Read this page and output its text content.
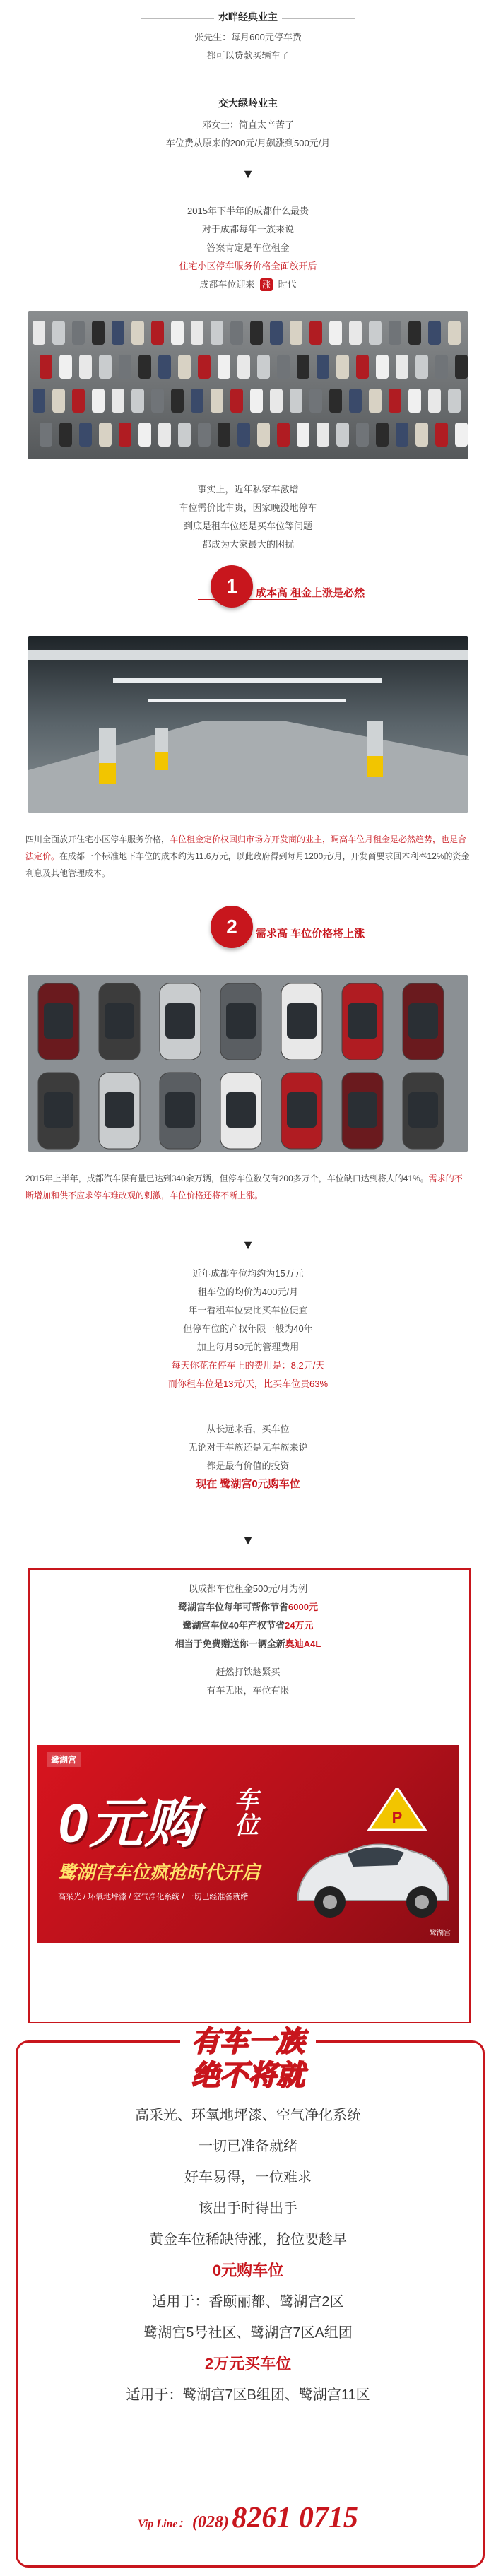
水畔经典业主
张先生：每月600元停车费
都可以贷款买辆车了
交大绿岭业主
邓女士：简直太辛苦了
车位费从原来的200元/月飙涨到500元/月
▼
2015年下半年的成都什么最贵
对于成都每年一族来说
答案肯定是车位租金
住宅小区停车服务价格全面放开后
成都车位迎来 涨 时代
事实上，近年私家车激增
车位需价比车贵，因家晚没地停车
到底是租车位还是买车位等问题
都成为大家最大的困扰
1	成本高 租金上涨是必然
四川全面放开住宅小区停车服务价格，车位租金定价权回归市场方开发商的业主，调高车位月租金是必然趋势，也是合法定价。在成都一个标准地下车位的成本约为11.6万元，以此政府得到每月1200元/月，开发商要求回本利率12%的资金利息及其他管理成本。
2	需求高 车位价格将上涨
2015年上半年，成都汽车保有量已达到340余万辆，但停车位数仅有200多万个，车位缺口达到将人的41%。需求的不断增加和供不应求停车难改观的刺激，车位价格还将不断上涨。
▼
近年成都车位均约为15万元
租车位的均价为400元/月
年一看租车位要比买车位便宜
但停车位的产权年限一般为40年
加上每月50元的管理费用
每天你花在停车上的费用是：8.2元/天
而你租车位是13元/天，比买车位贵63%
从长远来看，买车位
无论对于车族还是无车族来说
都是最有价值的投资
现在 鹭湖宫0元购车位
▼
以成都车位租金500元/月为例
鹭湖宫车位每年可帮你节省6000元
鹭湖宫车位40年产权节省24万元
相当于免费赠送你一辆全新奥迪A4L
赶然打铁趁紧买
有车无限，车位有限
鹭湖宫
0元购 车位
鹭湖宫车位疯抢时代开启
高采光 / 环氧地坪漆 / 空气净化系统 / 一切已经准备就绪
P
鹭湖宫
有车一族
绝不将就
高采光、环氧地坪漆、空气净化系统
一切已准备就绪
好车易得，一位难求
该出手时得出手
黄金车位稀缺待涨，抢位要趁早
0元购车位
适用于：香颐丽都、鹭湖宫2区
鹭湖宫5号社区、鹭湖宫7区A组团
2万元买车位
适用于：鹭湖宫7区B组团、鹭湖宫11区
Vip Line： (028) 8261 0715
